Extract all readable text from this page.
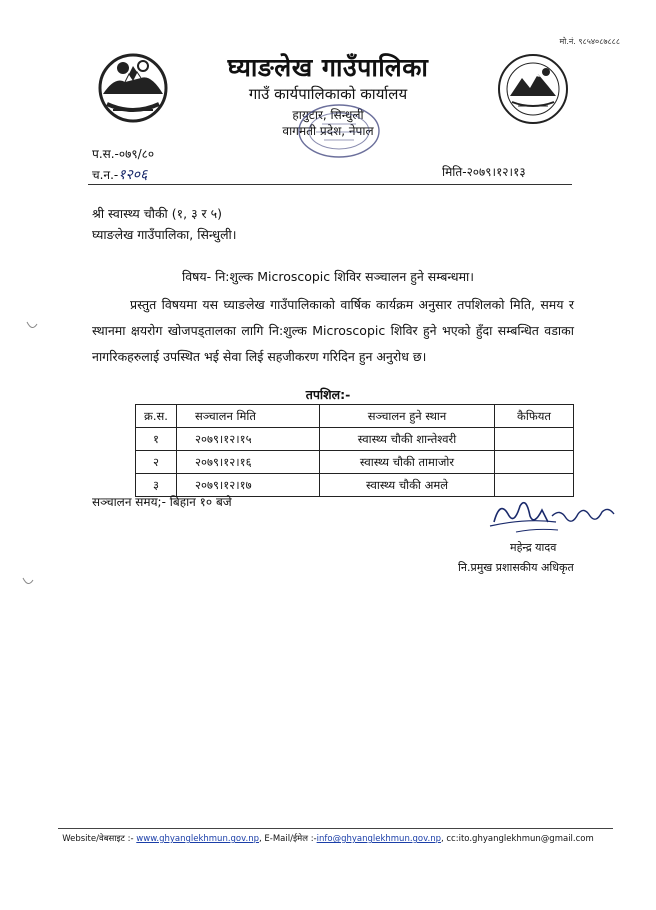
मो.नं. ९८५४०८७८८८
घ्याङलेख गाउँपालिका
गाउँ कार्यपालिकाको कार्यालय
हायुटार, सिन्धुली
वागमती प्रदेश, नेपाल
प.स.-०७९/८०
च.न.-१२०६	मिति-२०७९।१२।१३
श्री स्वास्थ्य चौकी (१, ३ र ५)
घ्याङलेख गाउँपालिका, सिन्धुली।
विषय- नि:शुल्क Microscopic शिविर सञ्चालन हुने सम्बन्धमा।
प्रस्तुत विषयमा यस घ्याङलेख गाउँपालिकाको वार्षिक कार्यक्रम अनुसार तपशिलको मिति, समय र स्थानमा क्षयरोग खोजपड्तालका लागि नि:शुल्क Microscopic शिविर हुने भएको हुँदा सम्बन्धित वडाका नागरिकहरुलाई उपस्थित भई सेवा लिई सहजीकरण गरिदिन हुन अनुरोध छ।
तपशिल:-
क्र.स.	सञ्चालन मिति	सञ्चालन हुने स्थान	कैफियत
१	२०७९।१२।१५	स्वास्थ्य चौकी शान्तेश्वरी	
२	२०७९।१२।१६	स्वास्थ्य चौकी तामाजोर	
३	२०७९।१२।१७	स्वास्थ्य चौकी अमले	
सञ्चालन समय;- बिहान १० बजे
महेन्द्र यादव
नि.प्रमुख प्रशासकीय अधिकृत
Website/वेबसाइट :- www.ghyanglekhmun.gov.np, E-Mail/ईमेल :-info@ghyanglekhmun.gov.np, cc:ito.ghyanglekhmun@gmail.com
